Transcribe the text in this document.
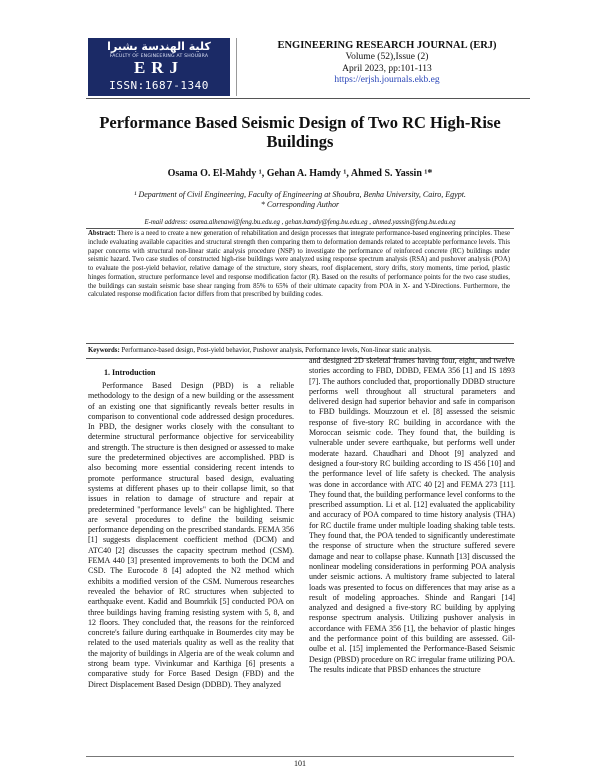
كلية الهندسة بشبرا
FACULTY OF ENGINEERING AT SHOUBRA
ERJ
ISSN:1687-1340
ENGINEERING RESEARCH JOURNAL (ERJ)
Volume (52),Issue (2)
April 2023, pp:101-113
https://erjsh.journals.ekb.eg
Performance Based Seismic Design of Two RC High-Rise Buildings
Osama O. El-Mahdy ¹, Gehan A. Hamdy ¹, Ahmed S. Yassin ¹*
¹ Department of Civil Engineering, Faculty of Engineering at Shoubra, Benha University, Cairo, Egypt.
* Corresponding Author
E-mail address: osama.alhenawi@feng.bu.edu.eg , gehan.hamdy@feng.bu.edu.eg , ahmed.yassin@feng.bu.edu.eg
Abstract: There is a need to create a new generation of rehabilitation and design processes that integrate performance-based engineering principles. These include evaluating available capacities and structural strength then comparing them to deformation demands related to acceptable performance levels. This paper concerns with structural non-linear static analysis procedure (NSP) to investigate the performance of reinforced concrete (RC) buildings under seismic hazard. Two case studies of constructed high-rise buildings were analyzed using response spectrum analysis (RSA) and pushover analysis (POA) to evaluate the post-yield behavior, relative damage of the structure, story shears, roof displacement, story drifts, story moments, time period, plastic hinges formation, structure performance level and response modification factor (R). Based on the results of performance points for the two case studies, the buildings can sustain seismic base shear ranging from 85% to 65% of their ultimate capacity from POA in X- and Y-Directions. Furthermore, the calculated response modification factor differs from that prescribed by building codes.
Keywords: Performance-based design, Post-yield behavior, Pushover analysis, Performance levels, Non-linear static analysis.
1. Introduction

Performance Based Design (PBD) is a reliable methodology to the design of a new building or the assessment of an existing one that significantly reveals better results in comparison to conventional code addressed design procedures. In PBD, the designer works closely with the consultant to determine structural performance objective for serviceability and strength. The structure is then designed or assessed to make sure the predetermined objectives are accomplished. PBD is also becoming more essential considering recent intends to promote performance structural based design, evaluating systems at different phases up to their collapse limit, so that issues in relation to damage of structure and repair at predetermined "performance levels" can be highlighted. There are several procedures to define the building seismic performance depending on the prescribed standards. FEMA 356 [1] suggests displacement coefficient method (DCM) and ATC40 [2] discusses the capacity spectrum method (CSM). FEMA 440 [3] presented improvements to both the DCM and CSD. The Eurocode 8 [4] adopted the N2 method which exhibits a modified version of the CSM. Numerous researches revealed the behavior of RC structures when subjected to earthquake event. Kadid and Boumrkik [5] conducted POA on three buildings having framing resisting system with 5, 8, and 12 floors. They concluded that, the reasons for the reinforced concrete's failure during earthquake in Boumerdes city may be related to the used materials quality as well as the reality that the majority of buildings in Algeria are of the weak column and strong beam type. Vivinkumar and Karthiga [6] presents a comparative study for Force Based Design (FBD) and the Direct Displacement Based Design (DDBD). They analyzed

and designed 2D skeletal frames having four, eight, and twelve stories according to FBD, DDBD, FEMA 356 [1] and IS 1893 [7]. The authors concluded that, proportionally DDBD structure performs well throughout all structural parameters and delivered design had superior behavior and safe in comparison to FBD buildings. Mouzzoun et el. [8] assessed the seismic response of five-story RC building in accordance with the Moroccan seismic code. They found that, the building is vulnerable under severe earthquake, but performs well under moderate hazard. Chaudhari and Dhoot [9] analyzed and designed a four-story RC building according to IS 456 [10] and the performance level of life safety is checked. The analysis was done in accordance with ATC 40 [2] and FEMA 273 [11]. They found that, the building performance level conforms to the prescribed assumption. Li et al. [12] evaluated the applicability and accuracy of POA compared to time history analysis (THA) for RC ductile frame under multiple loading shaking table tests. They found that, the POA tended to significantly underestimate the response of structure when the structure suffered severe damage and near to collapse phase. Kunnath [13] discussed the nonlinear modeling considerations in performing POA analysis under seismic actions. A multistory frame subjected to lateral loads was presented to focus on differences that may arise as a result of modeling approaches. Shinde and Rangari [14] analyzed and designed a five-story RC building by applying response spectrum analysis. Utilizing pushover analysis in accordance with FEMA 356 [1], the behavior of plastic hinges and the performance point of this building are assessed. Gil-oulbe et al. [15] implemented the Performance-Based Seismic Design (PBSD) procedure on RC irregular frame utilizing POA. The results indicate that PBSD enhances the structure

101
